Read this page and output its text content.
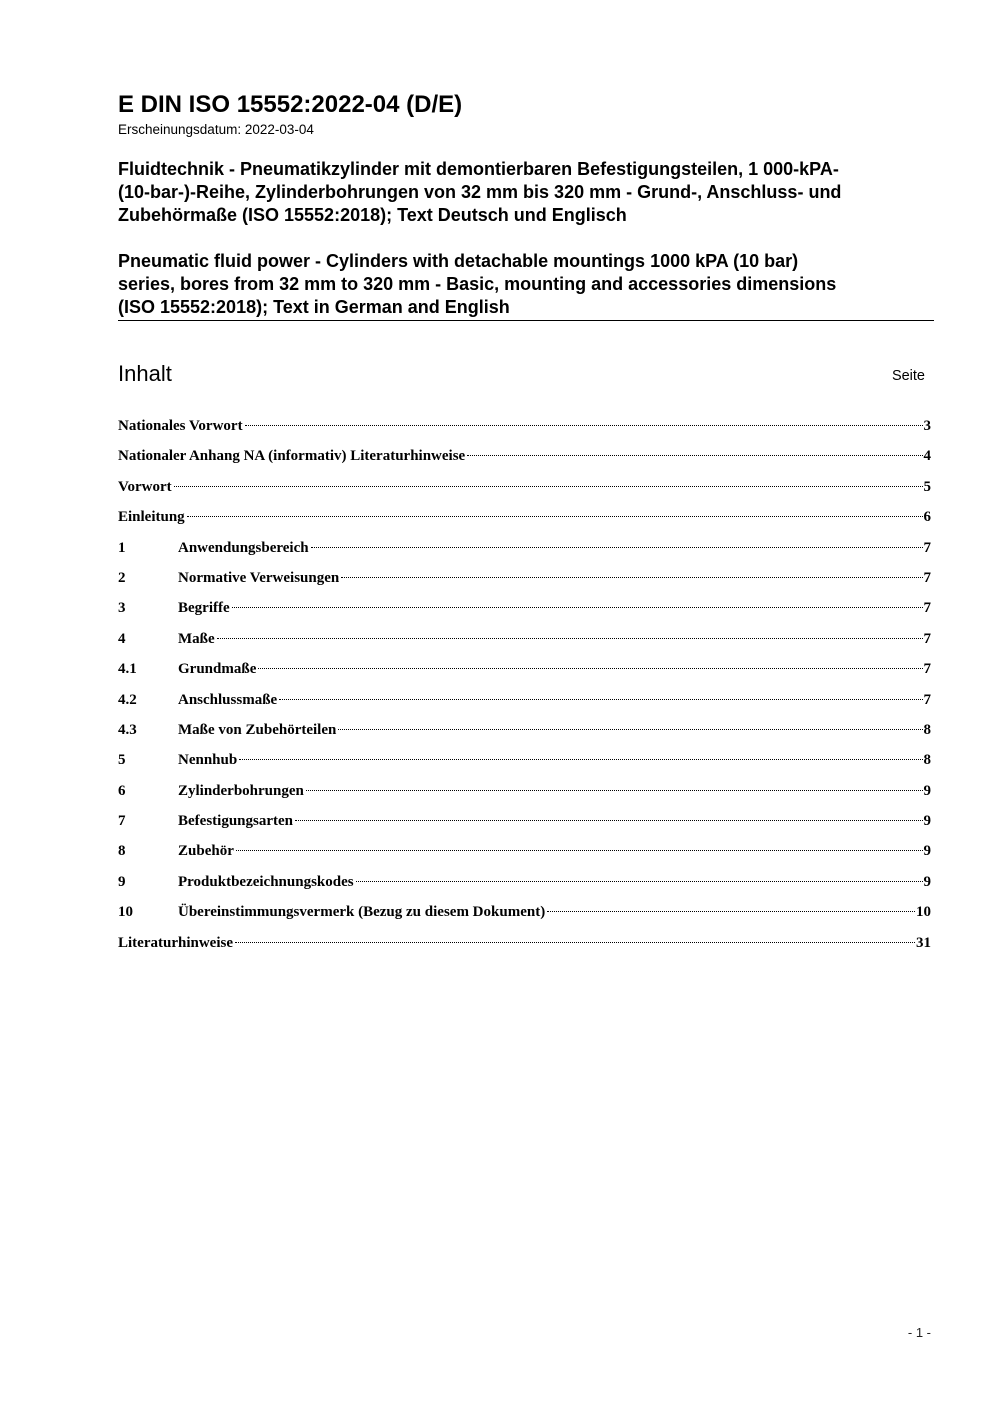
E DIN ISO 15552:2022-04 (D/E)
Erscheinungsdatum: 2022-03-04
Fluidtechnik - Pneumatikzylinder mit demontierbaren Befestigungsteilen, 1 000-kPA-
(10-bar-)-Reihe, Zylinderbohrungen von 32 mm bis 320 mm - Grund-, Anschluss- und
Zubehörmaße (ISO 15552:2018); Text Deutsch und Englisch
Pneumatic fluid power - Cylinders with detachable mountings 1000 kPA (10 bar)
series, bores from 32 mm to 320 mm - Basic, mounting and accessories dimensions
(ISO 15552:2018); Text in German and English
Inhalt	Seite
Nationales Vorwort	3
Nationaler Anhang NA (informativ) Literaturhinweise	4
Vorwort	5
Einleitung	6
1	Anwendungsbereich	7
2	Normative Verweisungen	7
3	Begriffe	7
4	Maße	7
4.1	Grundmaße	7
4.2	Anschlussmaße	7
4.3	Maße von Zubehörteilen	8
5	Nennhub	8
6	Zylinderbohrungen	9
7	Befestigungsarten	9
8	Zubehör	9
9	Produktbezeichnungskodes	9
10	Übereinstimmungsvermerk (Bezug zu diesem Dokument)	10
Literaturhinweise	31
- 1 -
